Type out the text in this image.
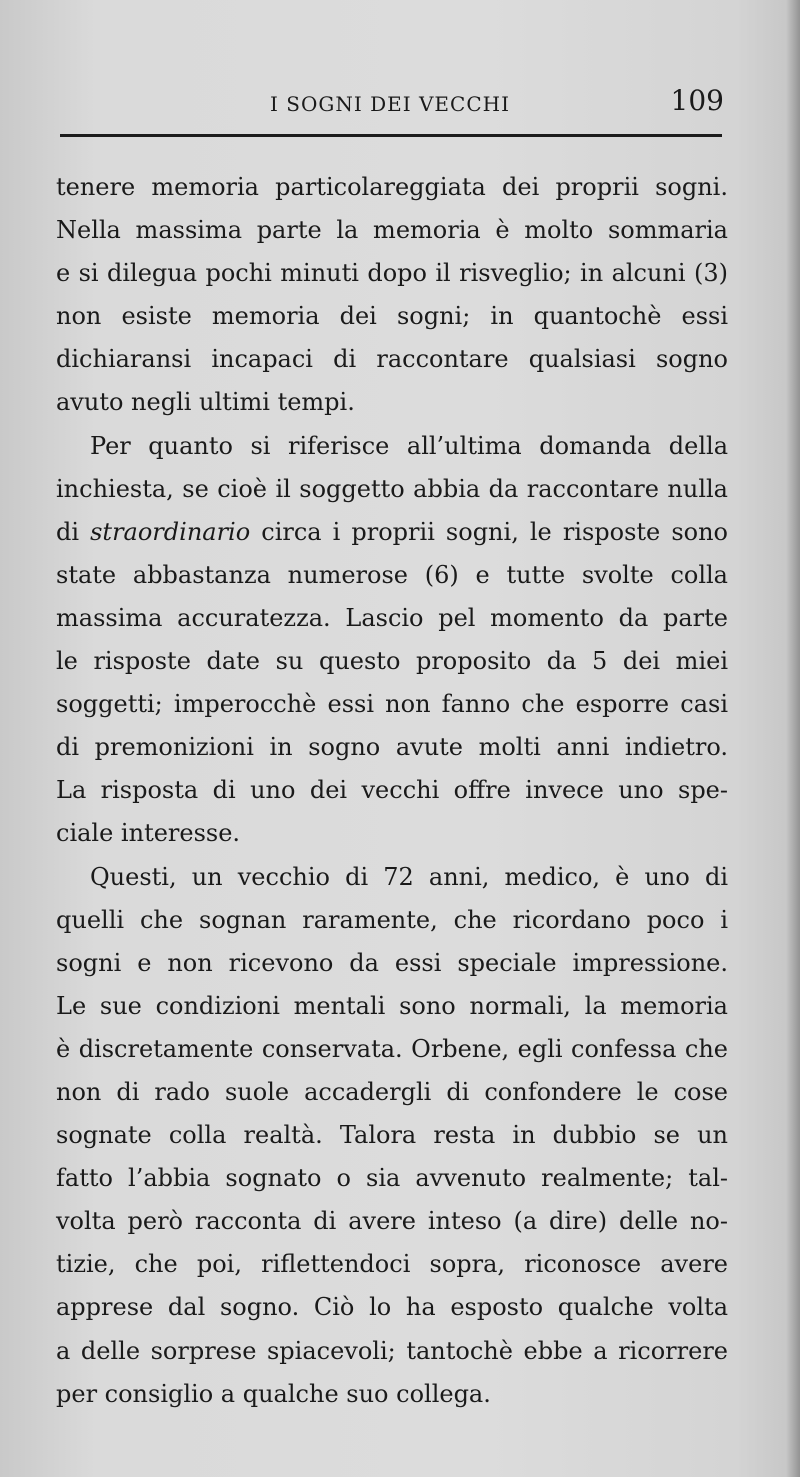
I SOGNI DEI VECCHI	109
tenere memoria particolareggiata dei proprii sogni.
Nella massima parte la memoria è molto sommaria
e si dilegua pochi minuti dopo il risveglio; in alcuni (3)
non esiste memoria dei sogni; in quantochè essi
dichiaransi incapaci di raccontare qualsiasi sogno
avuto negli ultimi tempi.
Per quanto si riferisce all’ultima domanda della
inchiesta, se cioè il soggetto abbia da raccontare nulla
di straordinario circa i proprii sogni, le risposte sono
state abbastanza numerose (6) e tutte svolte colla
massima accuratezza. Lascio pel momento da parte
le risposte date su questo proposito da 5 dei miei
soggetti; imperocchè essi non fanno che esporre casi
di premonizioni in sogno avute molti anni indietro.
La risposta di uno dei vecchi offre invece uno spe-
ciale interesse.
Questi, un vecchio di 72 anni, medico, è uno di
quelli che sognan raramente, che ricordano poco i
sogni e non ricevono da essi speciale impressione.
Le sue condizioni mentali sono normali, la memoria
è discretamente conservata. Orbene, egli confessa che
non di rado suole accadergli di confondere le cose
sognate colla realtà. Talora resta in dubbio se un
fatto l’abbia sognato o sia avvenuto realmente; tal-
volta però racconta di avere inteso (a dire) delle no-
tizie, che poi, riflettendoci sopra, riconosce avere
apprese dal sogno. Ciò lo ha esposto qualche volta
a delle sorprese spiacevoli; tantochè ebbe a ricorrere
per consiglio a qualche suo collega.
